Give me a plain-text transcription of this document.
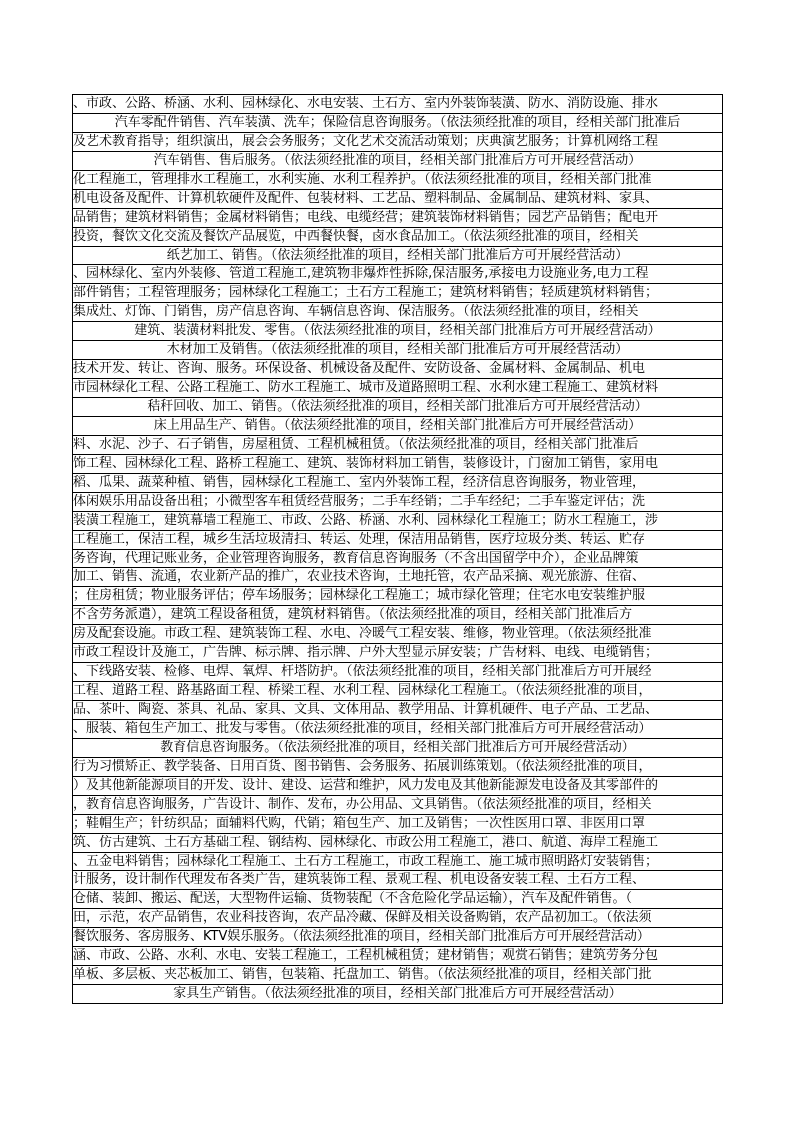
、市政、公路、桥涵、水利、园林绿化、水电安装、土石方、室内外装饰装潢、防水、消防设施、排水
汽车零配件销售、汽车装潢、洗车；保险信息咨询服务。（依法须经批准的项目，经相关部门批准后
及艺术教育指导；组织演出，展会会务服务；文化艺术交流活动策划；庆典演艺服务；计算机网络工程
汽车销售、售后服务。（依法须经批准的项目，经相关部门批准后方可开展经营活动）
化工程施工，管理排水工程施工，水利实施、水利工程养护。（依法须经批准的项目，经相关部门批准
机电设备及配件、计算机软硬件及配件、包装材料、工艺品、塑料制品、金属制品、建筑材料、家具、
品销售；建筑材料销售；金属材料销售；电线、电缆经营；建筑装饰材料销售；园艺产品销售；配电开
投资，餐饮文化交流及餐饮产品展览，中西餐快餐，卤水食品加工。（依法须经批准的项目，经相关
纸艺加工、销售。（依法须经批准的项目，经相关部门批准后方可开展经营活动）
、园林绿化、室内外装修、管道工程施工,建筑物非爆炸性拆除,保洁服务,承接电力设施业务,电力工程
部件销售；工程管理服务；园林绿化工程施工；土石方工程施工；建筑材料销售；轻质建筑材料销售；
集成灶、灯饰、门销售，房产信息咨询、车辆信息咨询、保洁服务。（依法须经批准的项目，经相关
建筑、装潢材料批发、零售。（依法须经批准的项目，经相关部门批准后方可开展经营活动）
木材加工及销售。（依法须经批准的项目，经相关部门批准后方可开展经营活动）
技术开发、转让、咨询、服务。环保设备、机械设备及配件、安防设备、金属材料、金属制品、机电
市园林绿化工程、公路工程施工、防水工程施工、城市及道路照明工程、水利水建工程施工、建筑材料
秸秆回收、加工、销售。（依法须经批准的项目，经相关部门批准后方可开展经营活动）
床上用品生产、销售。（依法须经批准的项目，经相关部门批准后方可开展经营活动）
料、水泥、沙子、石子销售，房屋租赁、工程机械租赁。（依法须经批准的项目，经相关部门批准后
饰工程、园林绿化工程、路桥工程施工、建筑、装饰材料加工销售，装修设计，门窗加工销售，家用电
稻、瓜果、蔬菜种植、销售，园林绿化工程施工、室内外装饰工程，经济信息咨询服务，物业管理，
体闲娱乐用品设备出租；小微型客车租赁经营服务；二手车经销；二手车经纪；二手车鉴定评估；洗
装潢工程施工，建筑幕墙工程施工、市政、公路、桥涵、水利、园林绿化工程施工；防水工程施工，涉
工程施工，保洁工程，城乡生活垃圾清扫、转运、处理，保洁用品销售，医疗垃圾分类、转运、贮存
务咨询，代理记账业务，企业管理咨询服务，教育信息咨询服务（不含出国留学中介），企业品牌策
加工、销售、流通，农业新产品的推广，农业技术咨询，土地托管，农产品采摘、观光旅游、住宿、
；住房租赁；物业服务评估；停车场服务；园林绿化工程施工；城市绿化管理；住宅水电安装维护服
不含劳务派遣），建筑工程设备租赁，建筑材料销售。（依法须经批准的项目，经相关部门批准后方
房及配套设施。市政工程、建筑装饰工程、水电、冷暖气工程安装、维修，物业管理。（依法须经批准
市政工程设计及施工，广告牌、标示牌、指示牌、户外大型显示屏安装；广告材料、电线、电缆销售；
、下线路安装、检修、电焊、氧焊、杆塔防护。（依法须经批准的项目，经相关部门批准后方可开展经
工程、道路工程、路基路面工程、桥梁工程、水利工程、园林绿化工程施工。（依法须经批准的项目，
品、茶叶、陶瓷、茶具、礼品、家具、文具、文体用品、教学用品、计算机硬件、电子产品、工艺品、
、服装、箱包生产加工、批发与零售。（依法须经批准的项目，经相关部门批准后方可开展经营活动）
教育信息咨询服务。（依法须经批准的项目，经相关部门批准后方可开展经营活动）
行为习惯矫正、教学装备、日用百货、图书销售、会务服务、拓展训练策划。（依法须经批准的项目，
）及其他新能源项目的开发、设计、建设、运营和维护，风力发电及其他新能源发电设备及其零部件的
，教育信息咨询服务，广告设计、制作、发布，办公用品、文具销售。（依法须经批准的项目，经相关
；鞋帽生产；针纺织品；面辅料代购，代销；箱包生产、加工及销售；一次性医用口罩、非医用口罩
筑、仿古建筑、土石方基础工程、钢结构、园林绿化、市政公用工程施工，港口、航道、海岸工程施工
、五金电料销售；园林绿化工程施工、土石方工程施工，市政工程施工、施工城市照明路灯安装销售；
计服务，设计制作代理发布各类广告，建筑装饰工程、景观工程、机电设备安装工程、土石方工程、
仓储、装卸、搬运、配送，大型物件运输、货物装配（不含危险化学品运输），汽车及配件销售。（
田，示范，农产品销售，农业科技咨询，农产品冷藏、保鲜及相关设备购销，农产品初加工。（依法须
餐饮服务、客房服务、KTV娱乐服务。（依法须经批准的项目，经相关部门批准后方可开展经营活动）
涵、市政、公路、水利、水电、安装工程施工，工程机械租赁；建材销售；观赏石销售；建筑劳务分包
单板、多层板、夹芯板加工、销售，包装箱、托盘加工、销售。（依法须经批准的项目，经相关部门批
家具生产销售。（依法须经批准的项目，经相关部门批准后方可开展经营活动）
